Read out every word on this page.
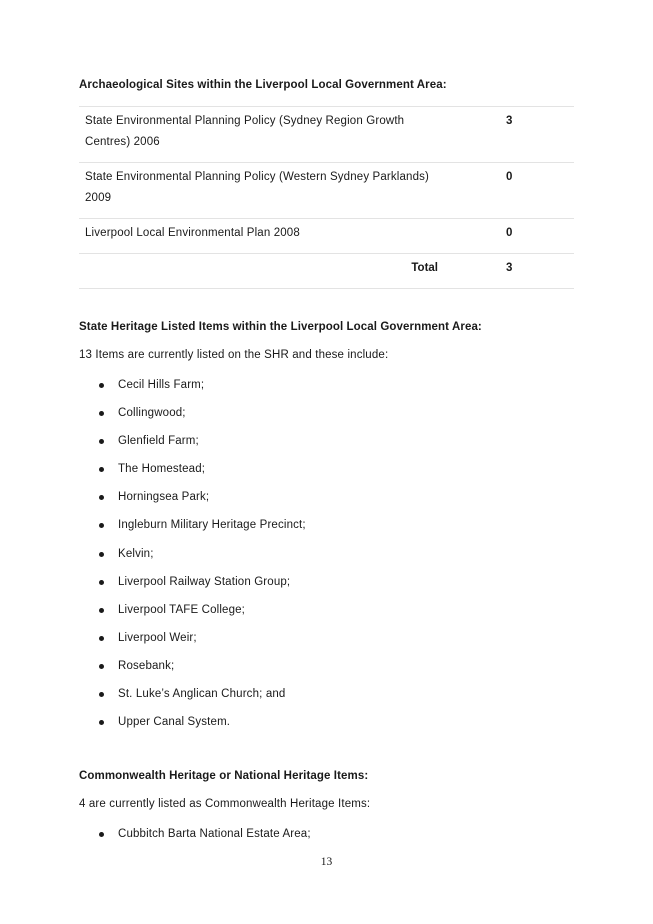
Archaeological Sites within the Liverpool Local Government Area:
State Environmental Planning Policy (Sydney Region Growth Centres) 2006
3
State Environmental Planning Policy (Western Sydney Parklands) 2009
0
Liverpool Local Environmental Plan 2008	0
Total	3
State Heritage Listed Items within the Liverpool Local Government Area:
13 Items are currently listed on the SHR and these include:
Cecil Hills Farm;
Collingwood;
Glenfield Farm;
The Homestead;
Horningsea Park;
Ingleburn Military Heritage Precinct;
Kelvin;
Liverpool Railway Station Group;
Liverpool TAFE College;
Liverpool Weir;
Rosebank;
St. Luke’s Anglican Church; and
Upper Canal System.
Commonwealth Heritage or National Heritage Items:
4 are currently listed as Commonwealth Heritage Items:
Cubbitch Barta National Estate Area;
13
